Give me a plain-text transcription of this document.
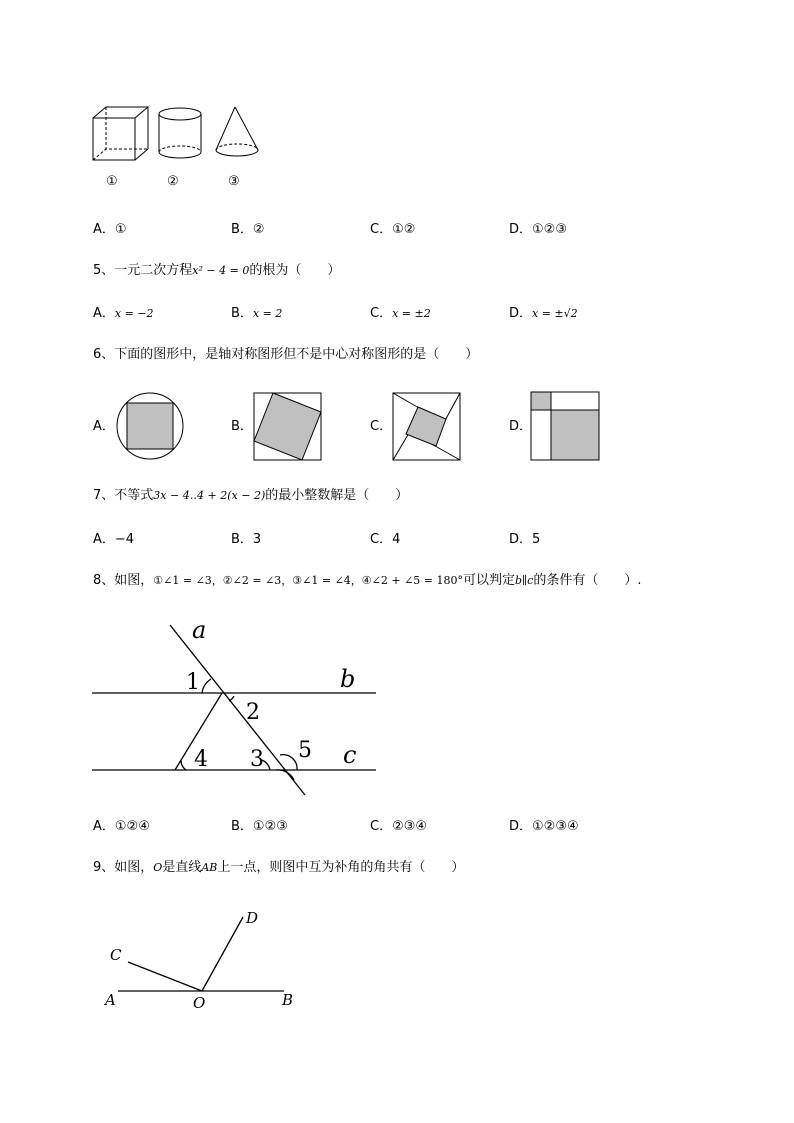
①	②	③
A．①	B．②	C．①②	D．①②③
5、一元二次方程x² − 4 = 0的根为（　　）
A．x = −2	B．x = 2	C．x = ±2	D．x = ±√2
6、下面的图形中，是轴对称图形但不是中心对称图形的是（　　）
A．	B．	C．	D．
7、不等式3x − 4‥4 + 2(x − 2)的最小整数解是（　　）
A．−4	B．3	C．4	D．5
8、如图，①∠1 = ∠3，②∠2 = ∠3，③∠1 = ∠4，④∠2 + ∠5 = 180°可以判定b∥c的条件有（　　）.
a
b
c
1
2
3
4	5
A．①②④	B．①②③	C．②③④	D．①②③④
9、如图，O是直线AB上一点，则图中互为补角的角共有（　　）
A	B
C
D
O
